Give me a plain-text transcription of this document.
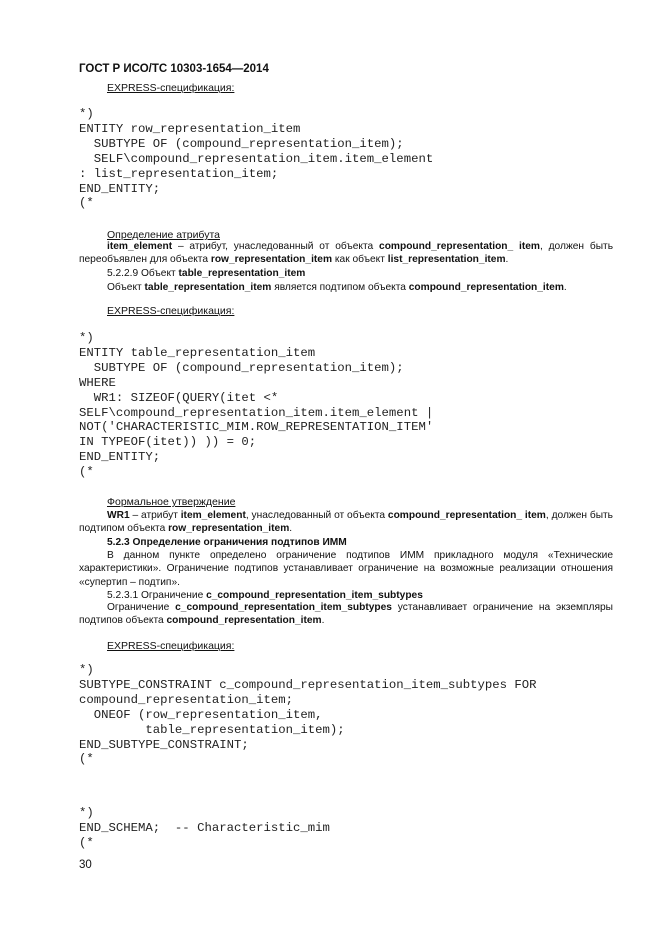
ГОСТ Р ИСО/ТС 10303-1654—2014
EXPRESS-спецификация:
*)
ENTITY row_representation_item
SUBTYPE OF (compound_representation_item);
SELF\compound_representation_item.item_element
: list_representation_item;
END_ENTITY;
(*
Определение атрибута
item_element – атрибут, унаследованный от объекта compound_representation_ item, должен быть переобъявлен для объекта row_representation_item как объект list_representation_item.
5.2.2.9 Объект table_representation_item
Объект table_representation_item является подтипом объекта compound_representation_item.
EXPRESS-спецификация:
*)
ENTITY table_representation_item
SUBTYPE OF (compound_representation_item);
WHERE
WR1: SIZEOF(QUERY(itet <*
SELF\compound_representation_item.item_element |
NOT('CHARACTERISTIC_MIM.ROW_REPRESENTATION_ITEM'
IN TYPEOF(itet)) )) = 0;
END_ENTITY;
(*
Формальное утверждение
WR1 – атрибут item_element, унаследованный от объекта compound_representation_ item, должен быть подтипом объекта row_representation_item.
5.2.3 Определение ограничения подтипов ИММ
В данном пункте определено ограничение подтипов ИММ прикладного модуля «Технические характеристики». Ограничение подтипов устанавливает ограничение на возможные реализации отношения «супертип – подтип».
5.2.3.1 Ограничение c_compound_representation_item_subtypes
Ограничение c_compound_representation_item_subtypes устанавливает ограничение на экземпляры подтипов объекта compound_representation_item.
EXPRESS-спецификация:
*)
SUBTYPE_CONSTRAINT c_compound_representation_item_subtypes FOR
compound_representation_item;
ONEOF (row_representation_item,
table_representation_item);
END_SUBTYPE_CONSTRAINT;
(*
*)
END_SCHEMA;  -- Characteristic_mim
(*
30
